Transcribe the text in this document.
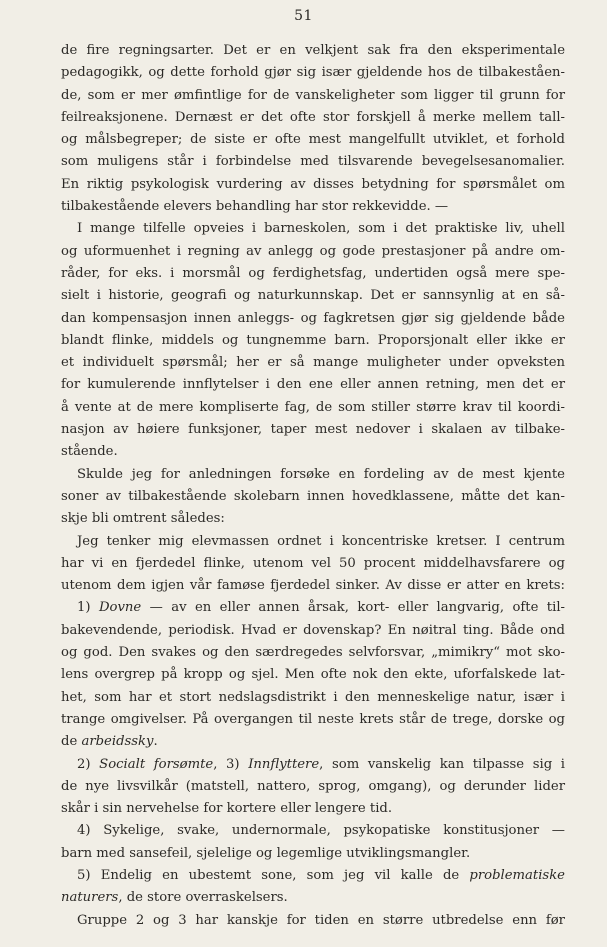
51
de fire regningsarter. Det er en velkjent sak fra den eksperimentale
pedagogikk, og dette forhold gjør sig især gjeldende hos de tilbakeståen-
de, som er mer ømfintlige for de vanskeligheter som ligger til grunn for
feilreaksjonene. Dernæst er det ofte stor forskjell å merke mellem tall-
og målsbegreper; de siste er ofte mest mangelfullt utviklet, et forhold
som muligens står i forbindelse med tilsvarende bevegelsesanomalier.
En riktig psykologisk vurdering av disses betydning for spørsmålet om
tilbakestående elevers behandling har stor rekkevidde. —
I mange tilfelle opveies i barneskolen, som i det praktiske liv, uhell
og uformuenhet i regning av anlegg og gode prestasjoner på andre om-
råder, for eks. i morsmål og ferdighetsfag, undertiden også mere spe-
sielt i historie, geografi og naturkunnskap. Det er sannsynlig at en så-
dan kompensasjon innen anleggs- og fagkretsen gjør sig gjeldende både
blandt flinke, middels og tungnemme barn. Proporsjonalt eller ikke er
et individuelt spørsmål; her er så mange muligheter under opveksten
for kumulerende innflytelser i den ene eller annen retning, men det er
å vente at de mere kompliserte fag, de som stiller større krav til koordi-
nasjon av høiere funksjoner, taper mest nedover i skalaen av tilbake-
stående.
Skulde jeg for anledningen forsøke en fordeling av de mest kjente
soner av tilbakestående skolebarn innen hovedklassene, måtte det kan-
skje bli omtrent således:
Jeg tenker mig elevmassen ordnet i koncentriske kretser. I centrum
har vi en fjerdedel flinke, utenom vel 50 procent middelhavsfarere og
utenom dem igjen vår famøse fjerdedel sinker. Av disse er atter en krets:
1) Dovne — av en eller annen årsak, kort- eller langvarig, ofte til-
bakevendende, periodisk. Hvad er dovenskap? En nøitral ting. Både ond
og god. Den svakes og den særdregedes selvforsvar, „mimikry“ mot sko-
lens overgrep på kropp og sjel. Men ofte nok den ekte, uforfalskede lat-
het, som har et stort nedslagsdistrikt i den menneskelige natur, især i
trange omgivelser. På overgangen til neste krets står de trege, dorske og
de arbeidssky.
2) Socialt forsømte, 3) Innflyttere, som vanskelig kan tilpasse sig i
de nye livsvilkår (matstell, nattero, sprog, omgang), og derunder lider
skår i sin nervehelse for kortere eller lengere tid.
4) Sykelige, svake, undernormale, psykopatiske konstitusjoner —
barn med sansefeil, sjelelige og legemlige utviklingsmangler.
5) Endelig en ubestemt sone, som jeg vil kalle de problematiske
naturers, de store overraskelsers.
Gruppe 2 og 3 har kanskje for tiden en større utbredelse enn før
